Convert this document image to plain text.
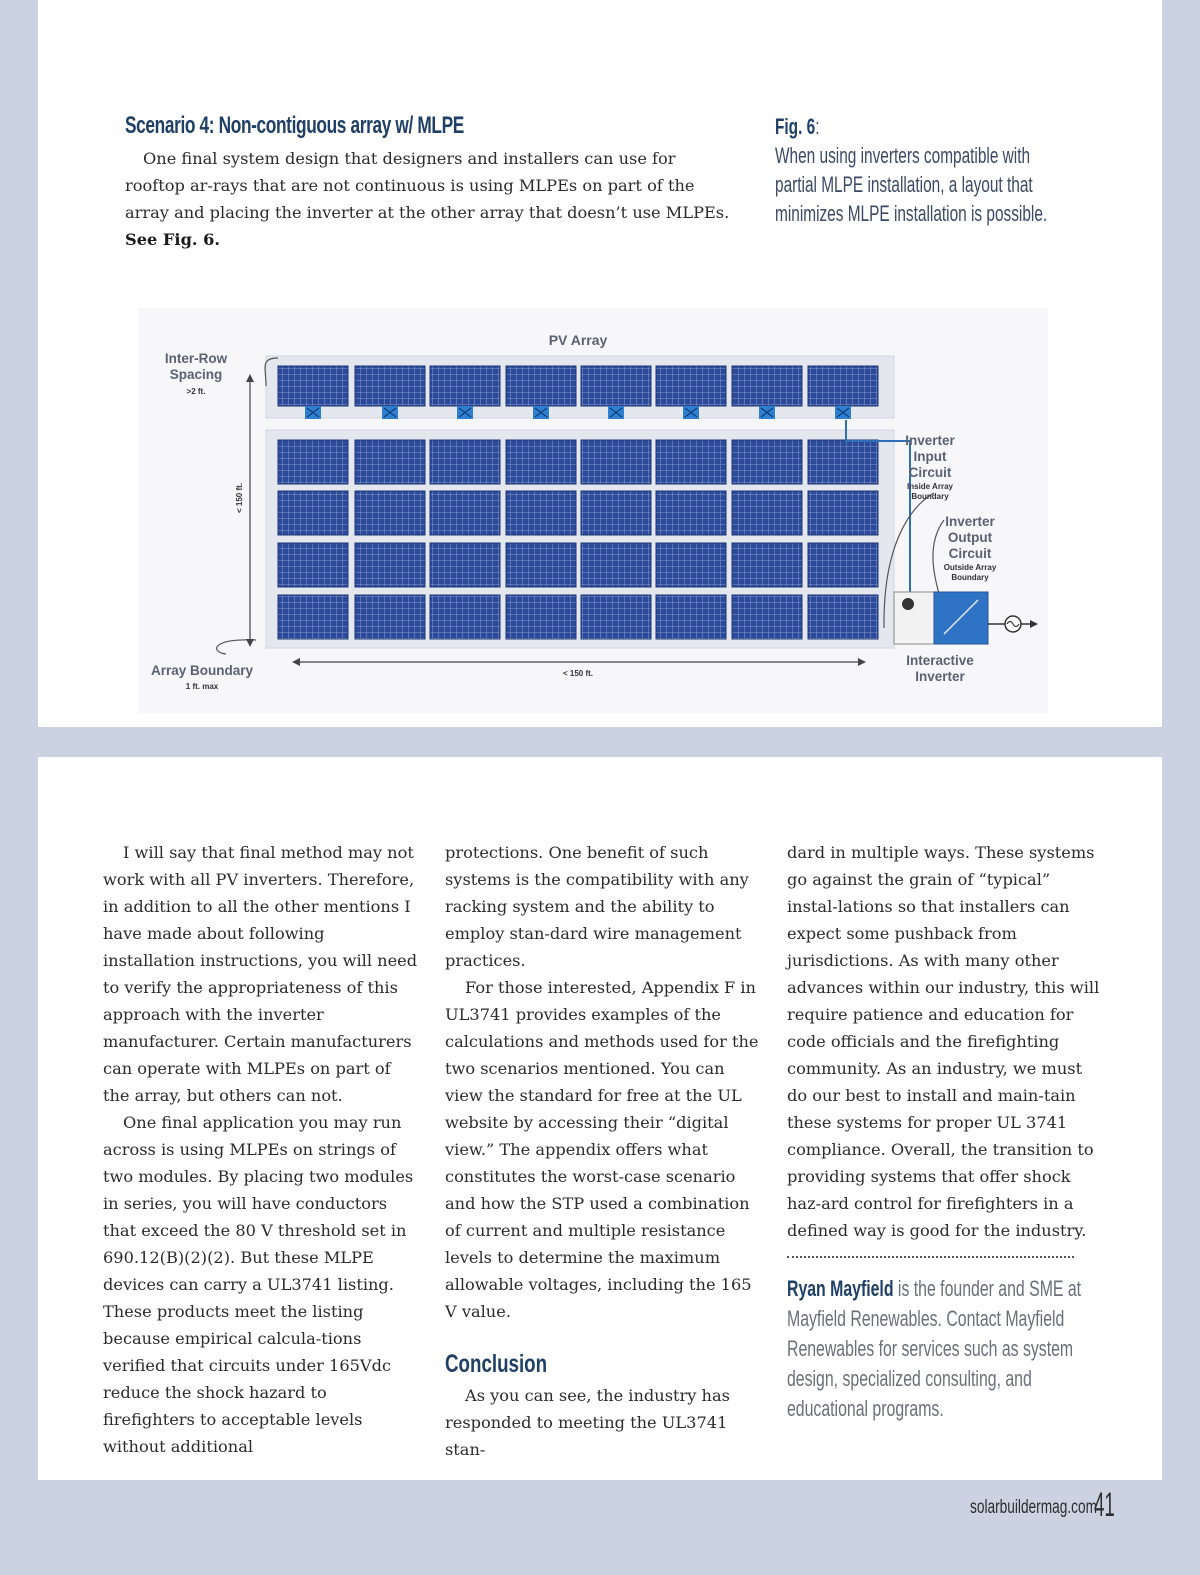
Scenario 4: Non-contiguous array w/ MLPE

One final system design that designers and installers can use for rooftop ar-rays that are not continuous is using MLPEs on part of the array and placing the inverter at the other array that doesn’t use MLPEs. See Fig. 6.

Fig. 6:
When using inverters compatible with partial MLPE installation, a layout that minimizes MLPE installation is possible.
PV Array
Inter-Row
Spacing
>2 ft.
< 150 ft.
< 150 ft.
Array Boundary
1 ft. max
Inverter
Input
Circuit
Inside Array
Boundary
Inverter
Output
Circuit
Outside Array
Boundary
Interactive
Inverter

I will say that final method may not work with all PV inverters. Therefore, in addition to all the other mentions I have made about following installation instructions, you will need to verify the appropriateness of this approach with the inverter manufacturer. Certain manufacturers can operate with MLPEs on part of the array, but others can not.

One final application you may run across is using MLPEs on strings of two modules. By placing two modules in series, you will have conductors that exceed the 80 V threshold set in 690.12(B)(2)(2). But these MLPE devices can carry a UL3741 listing. These products meet the listing because empirical calcula-tions verified that circuits under 165Vdc reduce the shock hazard to firefighters to acceptable levels without additional

protections. One benefit of such systems is the compatibility with any racking system and the ability to employ stan-dard wire management practices.

For those interested, Appendix F in UL3741 provides examples of the calculations and methods used for the two scenarios mentioned. You can view the standard for free at the UL website by accessing their “digital view.” The appendix offers what constitutes the worst-case scenario and how the STP used a combination of current and multiple resistance levels to determine the maximum allowable voltages, including the 165 V value.

Conclusion

As you can see, the industry has responded to meeting the UL3741 stan-

dard in multiple ways. These systems go against the grain of “typical” instal-lations so that installers can expect some pushback from jurisdictions. As with many other advances within our industry, this will require patience and education for code officials and the firefighting community. As an industry, we must do our best to install and main-tain these systems for proper UL 3741 compliance. Overall, the transition to providing systems that offer shock haz-ard control for firefighters in a defined way is good for the industry.

Ryan Mayfield is the founder and SME at Mayfield Renewables. Contact Mayfield Renewables for services such as system design, specialized consulting, and educational programs.
solarbuildermag.com
41
